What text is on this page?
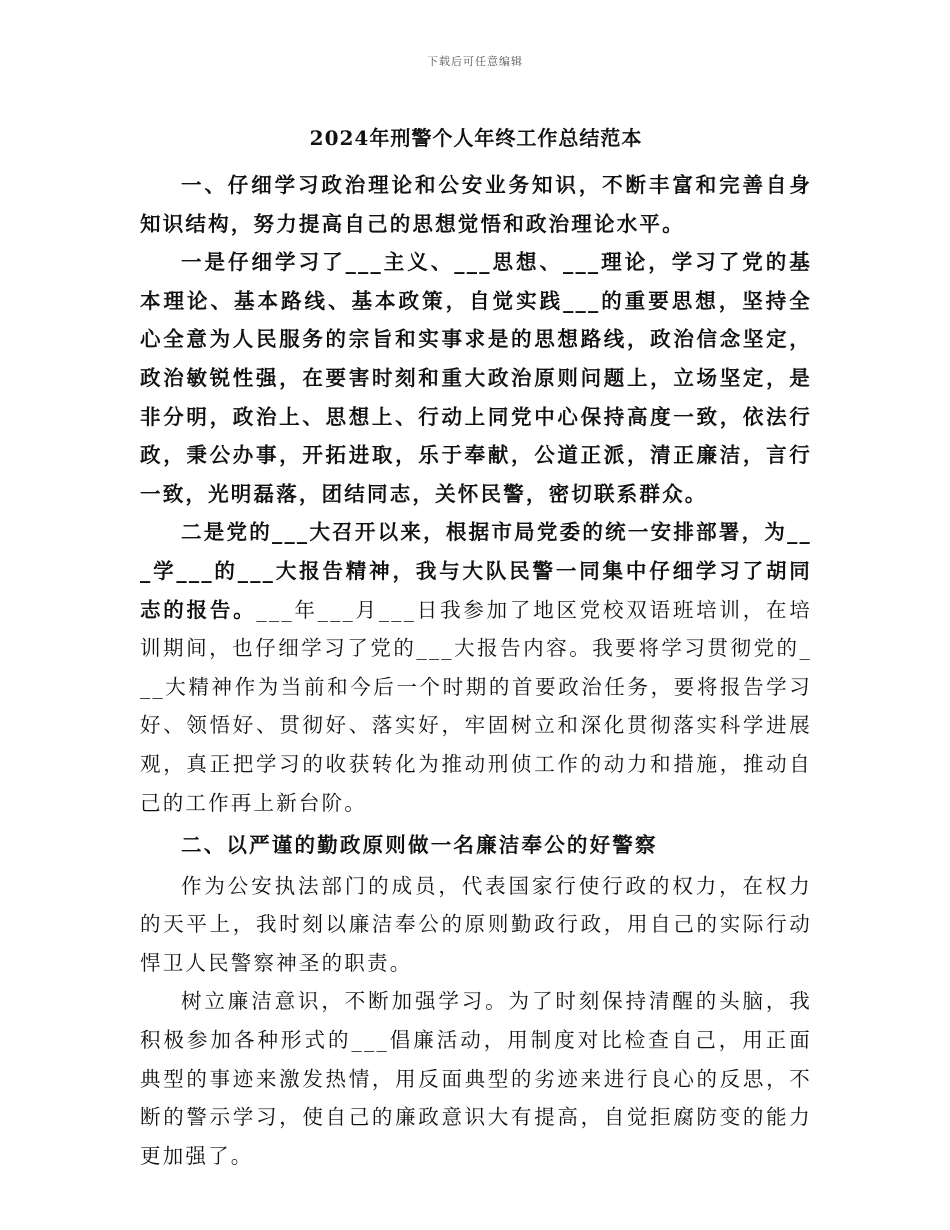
下载后可任意编辑
2024年刑警个人年终工作总结范本

一、仔细学习政治理论和公安业务知识，不断丰富和完善自身知识结构，努力提高自己的思想觉悟和政治理论水平。

一是仔细学习了___主义、___思想、___理论，学习了党的基本理论、基本路线、基本政策，自觉实践___的重要思想，坚持全心全意为人民服务的宗旨和实事求是的思想路线，政治信念坚定，政治敏锐性强，在要害时刻和重大政治原则问题上，立场坚定，是非分明，政治上、思想上、行动上同党中心保持高度一致，依法行政，秉公办事，开拓进取，乐于奉献，公道正派，清正廉洁，言行一致，光明磊落，团结同志，关怀民警，密切联系群众。

二是党的___大召开以来，根据市局党委的统一安排部署，为___学___的___大报告精神，我与大队民警一同集中仔细学习了胡同志的报告。___年___月___日我参加了地区党校双语班培训，在培训期间，也仔细学习了党的___大报告内容。我要将学习贯彻党的___大精神作为当前和今后一个时期的首要政治任务，要将报告学习好、领悟好、贯彻好、落实好，牢固树立和深化贯彻落实科学进展观，真正把学习的收获转化为推动刑侦工作的动力和措施，推动自己的工作再上新台阶。

二、以严谨的勤政原则做一名廉洁奉公的好警察

作为公安执法部门的成员，代表国家行使行政的权力，在权力的天平上，我时刻以廉洁奉公的原则勤政行政，用自己的实际行动悍卫人民警察神圣的职责。

树立廉洁意识，不断加强学习。为了时刻保持清醒的头脑，我积极参加各种形式的___倡廉活动，用制度对比检查自己，用正面典型的事迹来激发热情，用反面典型的劣迹来进行良心的反思，不断的警示学习，使自己的廉政意识大有提高，自觉拒腐防变的能力更加强了。
